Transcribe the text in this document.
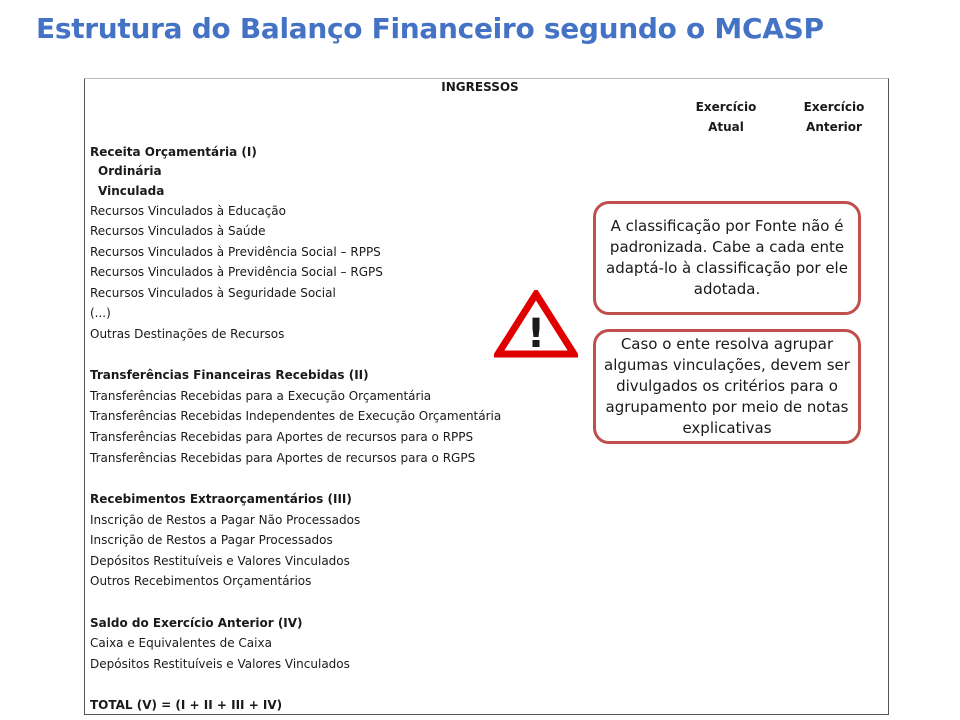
Estrutura do Balanço Financeiro segundo o MCASP
INGRESSOS
Exercício
Atual
Exercício
Anterior
Receita Orçamentária (I)
Ordinária
Vinculada
Recursos Vinculados à Educação
Recursos Vinculados à Saúde
Recursos Vinculados à Previdência Social – RPPS
Recursos Vinculados à Previdência Social – RGPS
Recursos Vinculados à Seguridade Social
(...)
Outras Destinações de Recursos
Transferências Financeiras Recebidas (II)
Transferências Recebidas para a Execução Orçamentária
Transferências Recebidas Independentes de Execução Orçamentária
Transferências Recebidas para Aportes de recursos para o RPPS
Transferências Recebidas para Aportes de recursos para o RGPS
Recebimentos Extraorçamentários (III)
Inscrição de Restos a Pagar Não Processados
Inscrição de Restos a Pagar Processados
Depósitos Restituíveis e Valores Vinculados
Outros Recebimentos Orçamentários
Saldo do Exercício Anterior (IV)
Caixa e Equivalentes de Caixa
Depósitos Restituíveis e Valores Vinculados
TOTAL (V) = (I + II + III + IV)
A classificação por Fonte não é padronizada. Cabe a cada ente adaptá-lo à classificação por ele adotada.
Caso o ente resolva agrupar algumas vinculações, devem ser divulgados os critérios para o agrupamento por meio de notas explicativas
!
